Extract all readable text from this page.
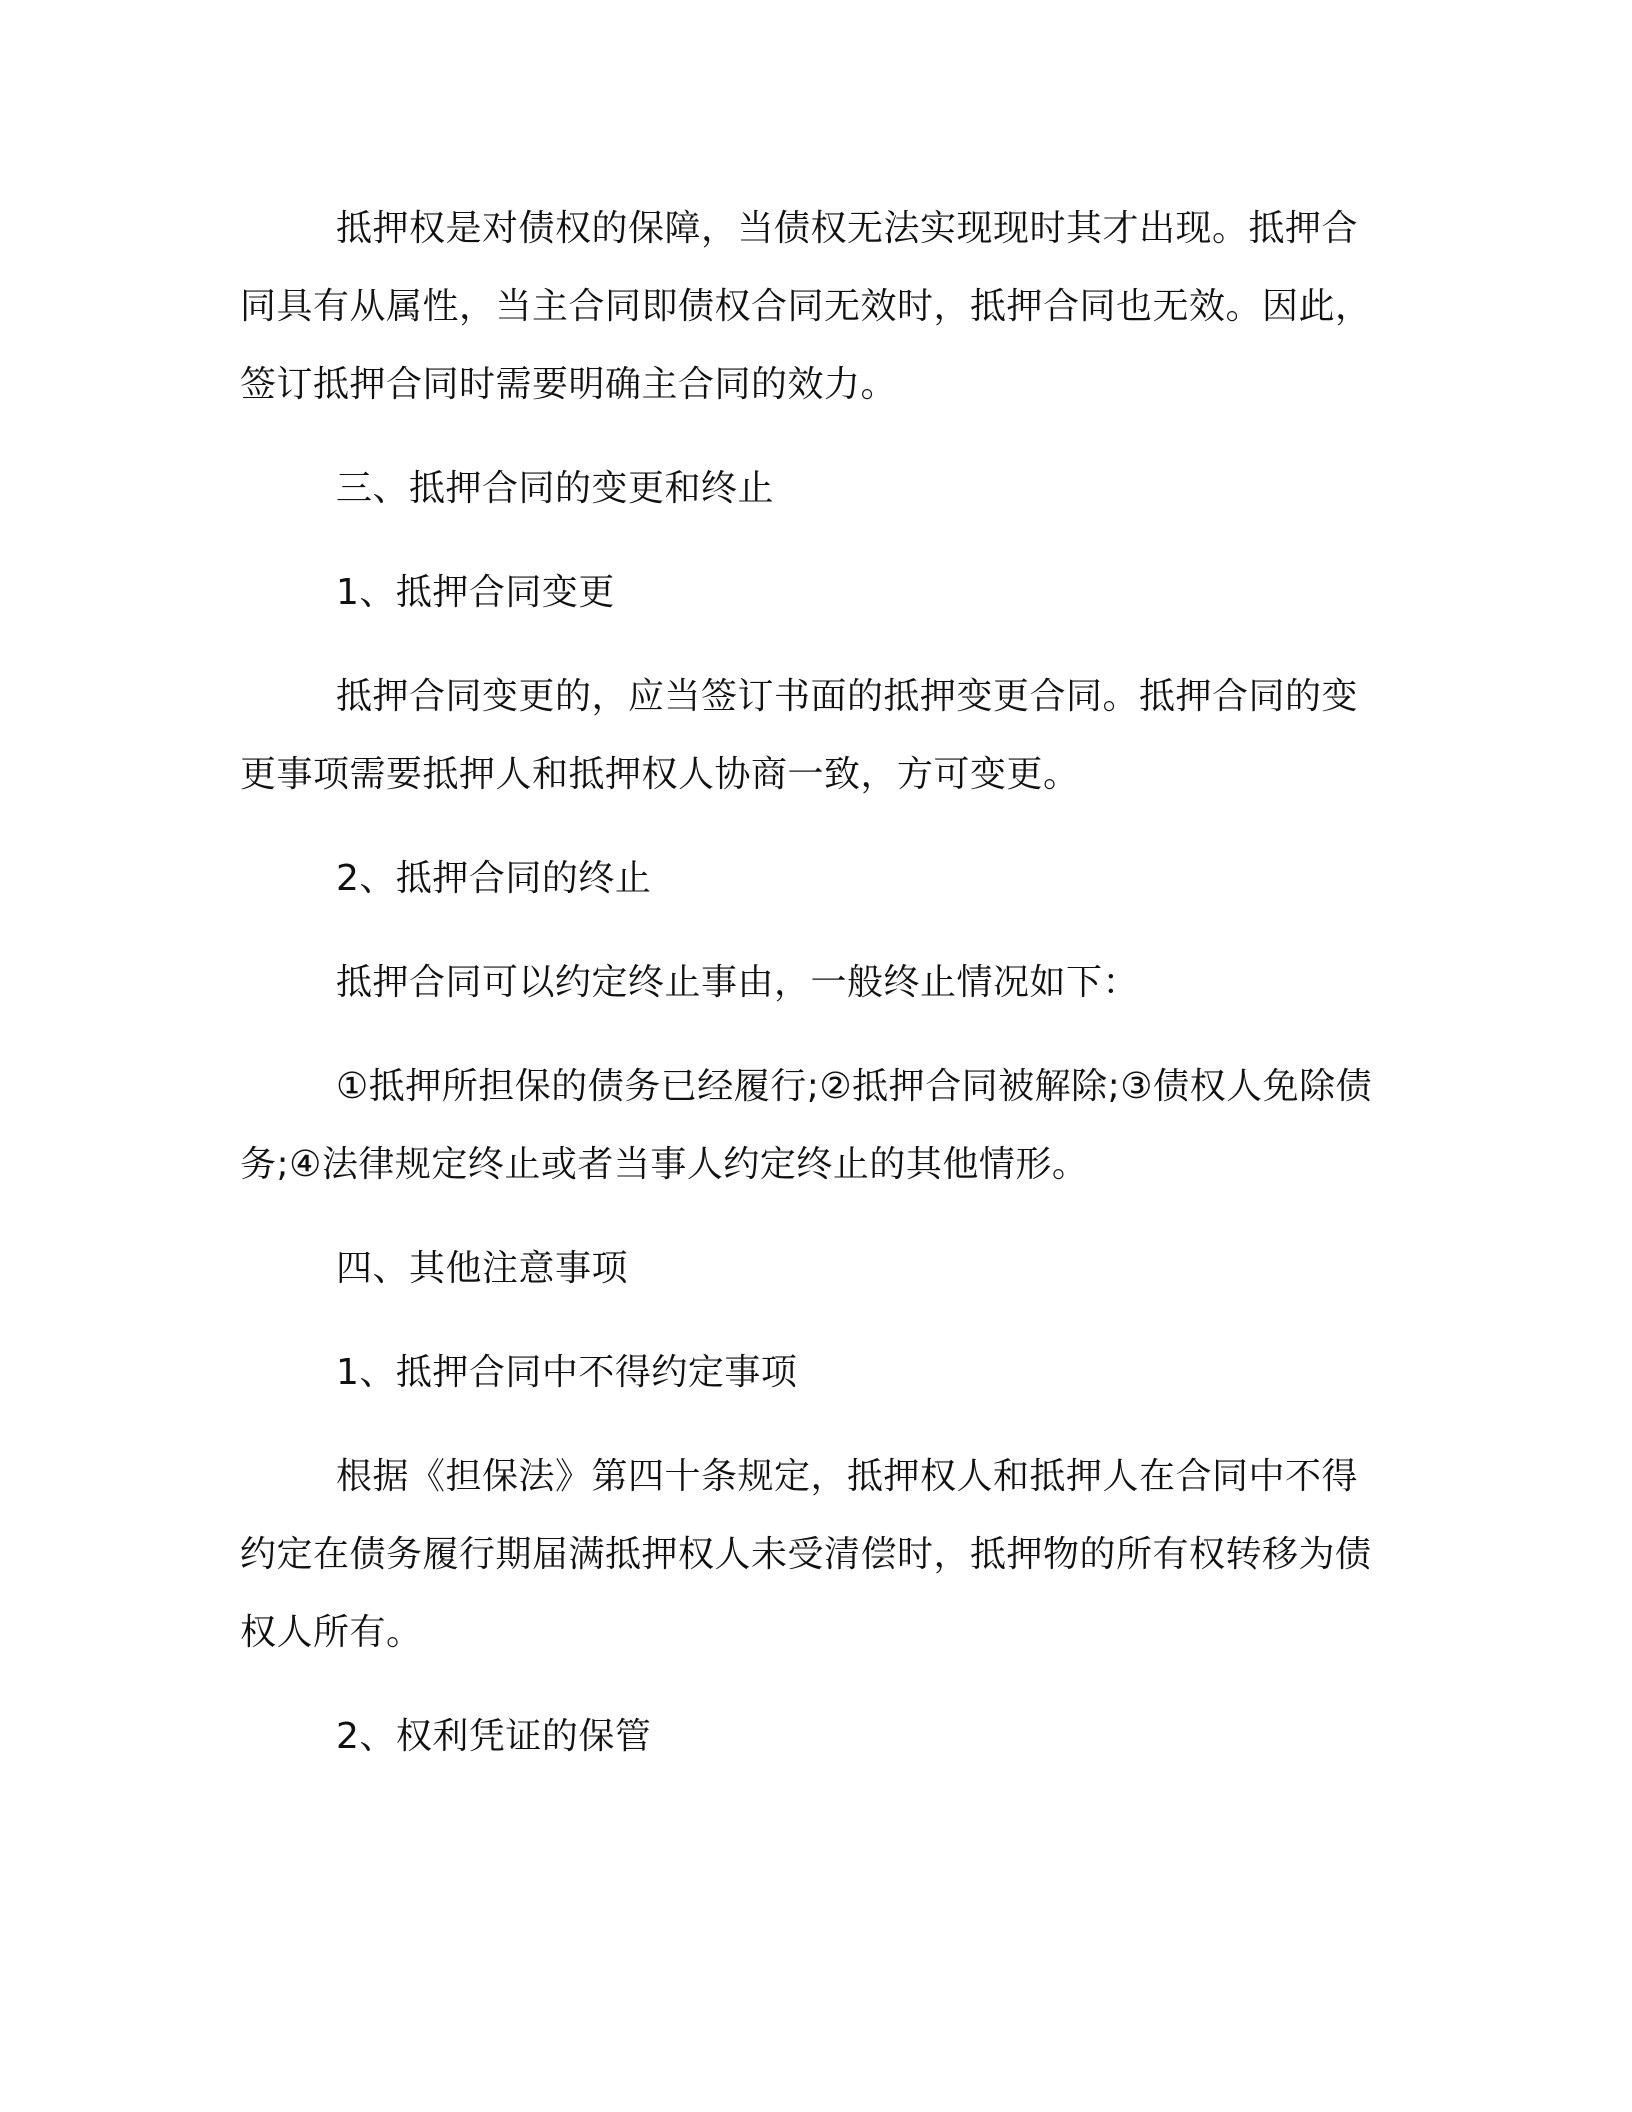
抵押权是对债权的保障，当债权无法实现现时其才出现。抵押合同具有从属性，当主合同即债权合同无效时，抵押合同也无效。因此，签订抵押合同时需要明确主合同的效力。

三、抵押合同的变更和终止

1、抵押合同变更

抵押合同变更的，应当签订书面的抵押变更合同。抵押合同的变更事项需要抵押人和抵押权人协商一致，方可变更。

2、抵押合同的终止

抵押合同可以约定终止事由，一般终止情况如下：

①抵押所担保的债务已经履行;②抵押合同被解除;③债权人免除债务;④法律规定终止或者当事人约定终止的其他情形。

四、其他注意事项

1、抵押合同中不得约定事项

根据《担保法》第四十条规定，抵押权人和抵押人在合同中不得约定在债务履行期届满抵押权人未受清偿时，抵押物的所有权转移为债权人所有。

2、权利凭证的保管
